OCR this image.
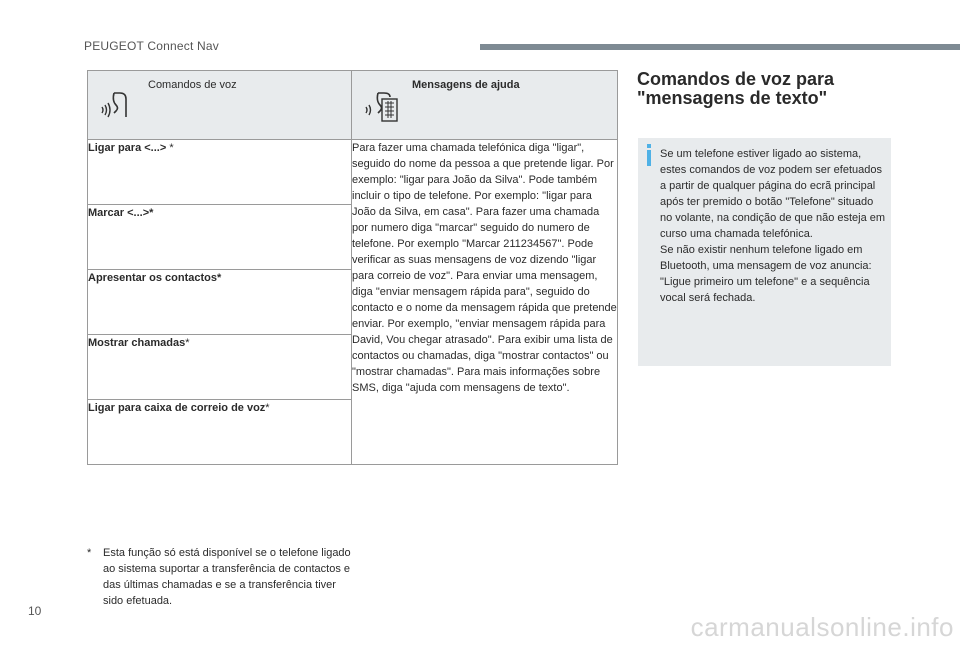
PEUGEOT Connect Nav
Comandos de voz	Mensagens de ajuda

Ligar para <...> *	Para fazer uma chamada telefónica diga "ligar", seguido do nome da pessoa a que pretende ligar. Por exemplo: "ligar para João da Silva". Pode também incluir o tipo de telefone. Por exemplo: "ligar para João da Silva, em casa". Para fazer uma chamada por numero diga "marcar" seguido do numero de telefone. Por exemplo "Marcar 211234567". Pode verificar as suas mensagens de voz dizendo "ligar para correio de voz". Para enviar uma mensagem, diga "enviar mensagem rápida para", seguido do contacto e o nome da mensagem rápida que pretende enviar. Por exemplo, "enviar mensagem rápida para David, Vou chegar atrasado". Para exibir uma lista de contactos ou chamadas, diga "mostrar contactos" ou "mostrar chamadas". Para mais informações sobre SMS, diga "ajuda com mensagens de texto".
Marcar <...>*	
Apresentar os contactos*	
Mostrar chamadas*	
Ligar para caixa de correio de voz*	
* Esta função só está disponível se o telefone ligado ao sistema suportar a transferência de contactos e das últimas chamadas e se a transferência tiver sido efetuada.
Comandos de voz para
"mensagens de texto"

Se um telefone estiver ligado ao sistema, estes comandos de voz podem ser efetuados a partir de qualquer página do ecrã principal após ter premido o botão "Telefone" situado no volante, na condição de que não esteja em curso uma chamada telefónica.
Se não existir nenhum telefone ligado em Bluetooth, uma mensagem de voz anuncia: "Ligue primeiro um telefone" e a sequência vocal será fechada.

10
carmanualsonline.info
